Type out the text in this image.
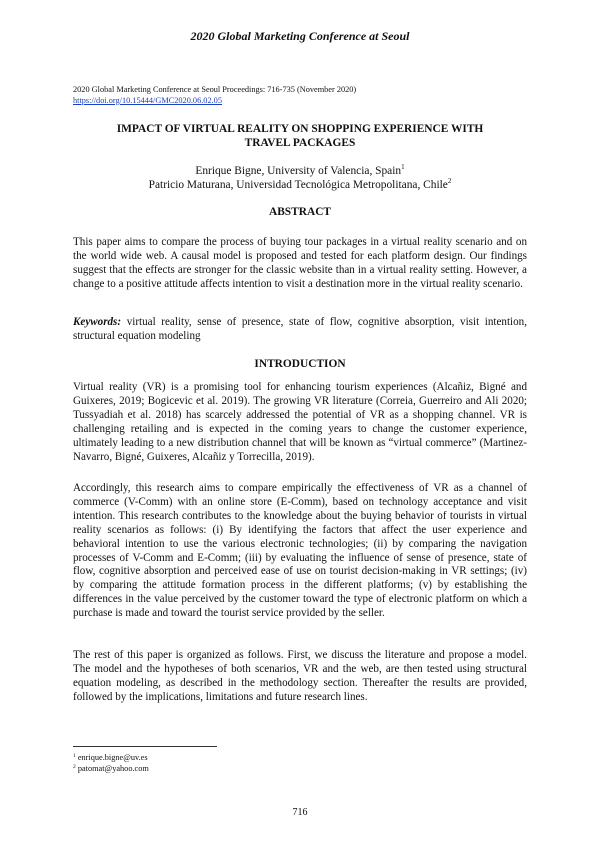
2020 Global Marketing Conference at Seoul
2020 Global Marketing Conference at Seoul Proceedings: 716-735 (November 2020)
https://doi.org/10.15444/GMC2020.06.02.05
IMPACT OF VIRTUAL REALITY ON SHOPPING EXPERIENCE WITH
TRAVEL PACKAGES
Enrique Bigne, University of Valencia, Spain$^1$
Patricio Maturana, Universidad Tecnológica Metropolitana, Chile$^2$
ABSTRACT
This paper aims to compare the process of buying tour packages in a virtual reality scenario and on the world wide web. A causal model is proposed and tested for each platform design. Our findings suggest that the effects are stronger for the classic website than in a virtual reality setting. However, a change to a positive attitude affects intention to visit a destination more in the virtual reality scenario.
Keywords: virtual reality, sense of presence, state of flow, cognitive absorption, visit intention, structural equation modeling
INTRODUCTION
Virtual reality (VR) is a promising tool for enhancing tourism experiences (Alcañiz, Bigné and Guixeres, 2019; Bogicevic et al. 2019). The growing VR literature (Correia, Guerreiro and Ali 2020; Tussyadiah et al. 2018) has scarcely addressed the potential of VR as a shopping channel. VR is challenging retailing and is expected in the coming years to change the customer experience, ultimately leading to a new distribution channel that will be known as “virtual commerce” (Martinez-Navarro, Bigné, Guixeres, Alcañiz y Torrecilla, 2019).
Accordingly, this research aims to compare empirically the effectiveness of VR as a channel of commerce (V-Comm) with an online store (E-Comm), based on technology acceptance and visit intention. This research contributes to the knowledge about the buying behavior of tourists in virtual reality scenarios as follows: (i) By identifying the factors that affect the user experience and behavioral intention to use the various electronic technologies; (ii) by comparing the navigation processes of V-Comm and E-Comm; (iii) by evaluating the influence of sense of presence, state of flow, cognitive absorption and perceived ease of use on tourist decision-making in VR settings; (iv) by comparing the attitude formation process in the different platforms; (v) by establishing the differences in the value perceived by the customer toward the type of electronic platform on which a purchase is made and toward the tourist service provided by the seller.
The rest of this paper is organized as follows. First, we discuss the literature and propose a model. The model and the hypotheses of both scenarios, VR and the web, are then tested using structural equation modeling, as described in the methodology section. Thereafter the results are provided, followed by the implications, limitations and future research lines.
$^1$ enrique.bigne@uv.es
$^2$ patomat@yahoo.com
716
